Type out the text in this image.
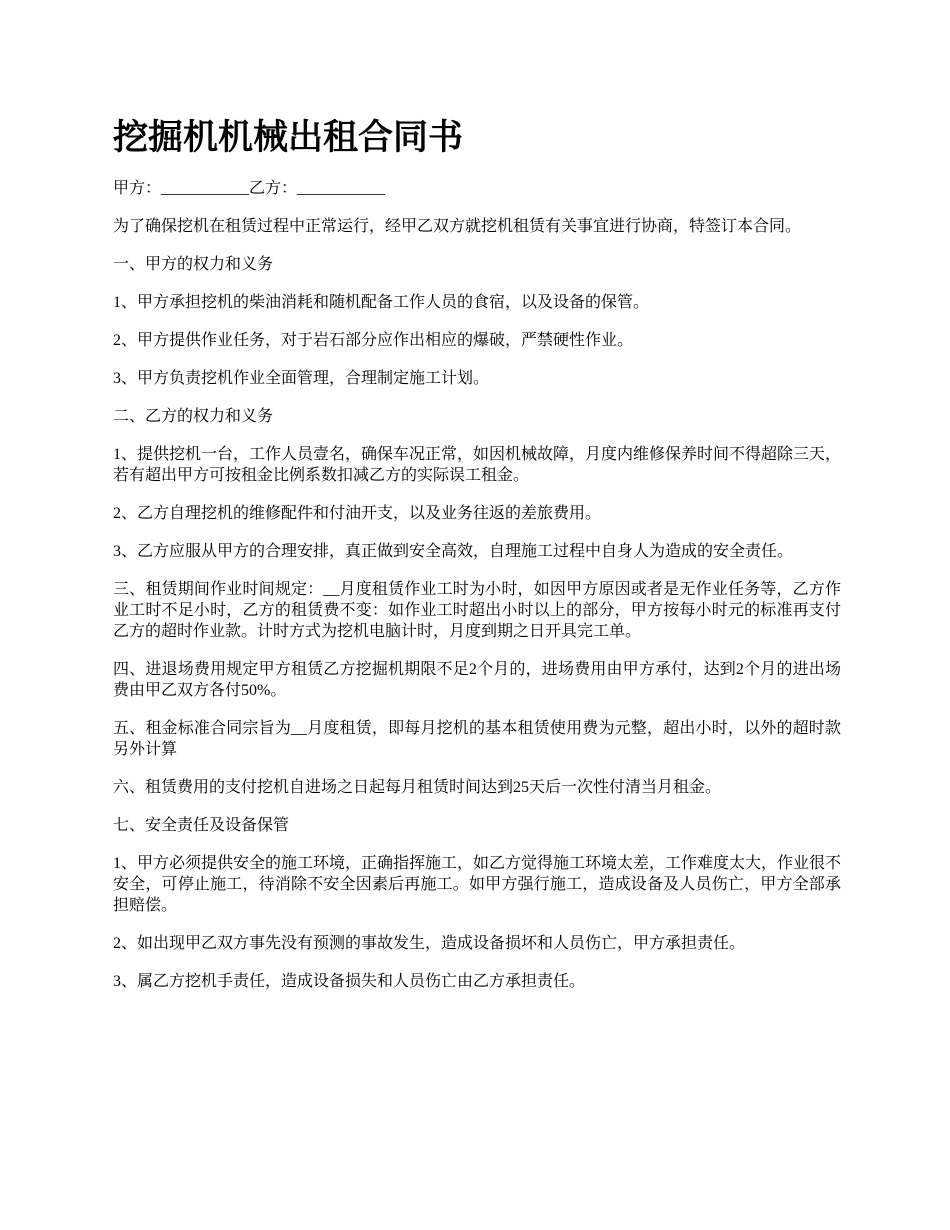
挖掘机机械出租合同书

甲方：___________乙方：___________

为了确保挖机在租赁过程中正常运行，经甲乙双方就挖机租赁有关事宜进行协商，特签订本合同。

一、甲方的权力和义务

1、甲方承担挖机的柴油消耗和随机配备工作人员的食宿，以及设备的保管。

2、甲方提供作业任务，对于岩石部分应作出相应的爆破，严禁硬性作业。

3、甲方负责挖机作业全面管理，合理制定施工计划。

二、乙方的权力和义务

1、提供挖机一台，工作人员壹名，确保车况正常，如因机械故障，月度内维修保养时间不得超除三天，若有超出甲方可按租金比例系数扣减乙方的实际误工租金。

2、乙方自理挖机的维修配件和付油开支，以及业务往返的差旅费用。

3、乙方应服从甲方的合理安排，真正做到安全高效，自理施工过程中自身人为造成的安全责任。

三、租赁期间作业时间规定：__月度租赁作业工时为小时，如因甲方原因或者是无作业任务等，乙方作业工时不足小时，乙方的租赁费不变：如作业工时超出小时以上的部分，甲方按每小时元的标准再支付乙方的超时作业款。计时方式为挖机电脑计时，月度到期之日开具完工单。

四、进退场费用规定甲方租赁乙方挖掘机期限不足2个月的，进场费用由甲方承付，达到2个月的进出场费由甲乙双方各付50%。

五、租金标准合同宗旨为__月度租赁，即每月挖机的基本租赁使用费为元整，超出小时，以外的超时款另外计算

六、租赁费用的支付挖机自进场之日起每月租赁时间达到25天后一次性付清当月租金。

七、安全责任及设备保管

1、甲方必须提供安全的施工环境，正确指挥施工，如乙方觉得施工环境太差，工作难度太大，作业很不安全，可停止施工，待消除不安全因素后再施工。如甲方强行施工，造成设备及人员伤亡，甲方全部承担赔偿。

2、如出现甲乙双方事先没有预测的事故发生，造成设备损坏和人员伤亡，甲方承担责任。

3、属乙方挖机手责任，造成设备损失和人员伤亡由乙方承担责任。
